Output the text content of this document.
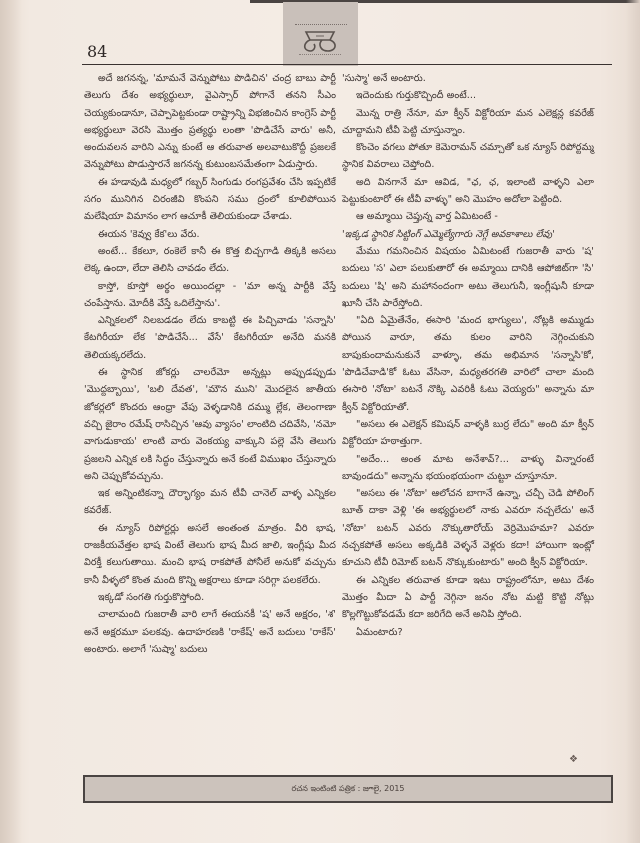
84

అదే జగనన్న, 'మామనే వెన్నుపోటు పొడిచిన' చంద్ర బాబు పార్టీ తెలుగు దేశం అభ్యర్థులూ, వైఎస్సార్ పోగానే తనని సీఎం చెయ్యకుండానూ, చెప్పాపెట్టకుండా రాష్ట్రాన్ని విభజించిన కాంగ్రెస్ పార్టీ అభ్యర్థులూ వెరసి మొత్తం ప్రత్యర్థు లంతా 'పొడిచేసే వారు' అనీ, అందువలన వారిని ఎన్ను కుంటే ఆ తరువాత అలవాటుకొద్దీ ప్రజలకే వెన్నుపోటు పొడుస్తారనే జగనన్న కుటుంబసమేతంగా ఏడుస్తారు.

ఈ హడావుడి మధ్యలో గబ్బర్ సింగుడు రంగప్రవేశం చేసి ఇప్పటికే సగం మునిగిన చిరంజీవి కొంపని సము ద్రంలో కూలిపోయిన మలేషియా విమానం లాగ ఆచూకీ తెలియకుండా చేశాడు.

ఈయన 'కెవ్వు కేక'లు వేరు.

అంటే... కేకలూ, రంకెలే కానీ ఈ కొత్త బిచ్చగాడి తిక్కకి అసలు లెక్క ఉందా, లేదా తెలిసి చావడం లేదు.

కాస్తో, కూస్తో అర్థం అయిందల్లా - 'మా అన్న పార్టీకి వేస్తే చంపేస్తాను. మోదీకి వేస్తే ఒదిలేస్తాను'.

ఎన్నికలలో నిలబడడం లేదు కాబట్టి ఈ పిచ్చివాడు 'సన్నాసి' కేటగిరీయా లేక 'పొడిచేసే... వేసే' కేటగిరీయా అనేది మనకి తెలియక్కరలేదు.

ఈ స్థానిక జోకర్లు చాలరేమో అన్నట్లు అప్పుడప్పుడు 'మొద్దబ్బాయి', 'బలి దేవత', 'మౌన ముని' మొదలైన జాతీయ జోకర్లలో కొందరు ఆంధ్రా వేపు వెళ్ళడానికి దమ్ము ల్లేక, తెలంగాణా వచ్చి జైరాం రమేష్ రాసిచ్చిన 'ఆవు వ్యాసం' లాంటిది చదివేసి, 'నమో వాగుడుకాయ' లాంటి వారు వెంకయ్య వాక్కుని పల్లె వేసి తెలుగు ప్రజలని ఎన్నిక లకి సిద్ధం చేస్తున్నారు అనే కంటే విముఖం చేస్తున్నారు అని చెప్పుకోవచ్చును.

ఇక అన్నింటికన్నా దౌర్భాగ్యం మన టీవీ చానెల్ వాళ్ళ ఎన్నికల కవరేజ్.

ఈ న్యూస్ రిపోర్టర్లు అసలే అంతంత మాత్రం. వీరి భాష, రాజకీయవేత్తల భాష వింటే తెలుగు భాష మీద జాలి, ఇంగ్లీషు మీద విరక్తీ కలుగుతాయి. మంచి భాష రాకపోతే పోనీలే అనుకో వచ్చును కానీ వీళ్ళలో కొంత మంది కొన్ని అక్షరాలు కూడా సరిగ్గా పలకలేరు.

ఇక్కడో సంగతి గుర్తుకొస్తోంది.

చాలామంది గుజరాతీ వారి లాగే ఈయనకీ 'ష' అనే అక్షరం, 'శ' అనే అక్షరమూ పలకవు. ఉదాహరణకి 'రాకేష్' అనే బదులు 'రాకేస్' అంటారు. అలాగే 'సుష్మా' బదులు

'సుస్మా' అనే అంటారు.

ఇదెందుకు గుర్తుకొచ్చిందీ అంటే...

మొన్న రాత్రి నేనూ, మా క్వీన్ విక్టోరియా మన ఎలెక్షన్ల కవరేజ్ చూద్దామని టీవీ పెట్టి చూస్తున్నాం.

కొంచెం వగలు పోతూ కెమెరామన్ చమ్చాతో ఒక న్యూస్ రిపోర్టమ్మ స్థానిక వివరాలు చెప్తోంది.

అది వినగానే మా ఆవిడ, "ఛ, ఛ, ఇలాంటి వాళ్ళని ఎలా పెట్టుకుంటారో ఈ టీవీ వాళ్ళు" అని మొహం అదోలా పెట్టింది.

ఆ అమ్మాయి చెప్తున్న వార్త ఏమిటంటే -

'ఇక్కడ స్థానిక సిట్టింగ్ ఎమ్మెల్యేగారు నెగ్గే అవకాశాలు లేవు'

మేము గమనించిన విషయం ఏమిటంటే గుజరాతీ వారు 'ష' బదులు 'స' ఎలా పలుకుతారో ఈ అమ్మాయి దానికి ఆపోజిట్‌గా 'సి' బదులు 'షి' అని మహానందంగా అటు తెలుగునీ, ఇంగ్లీషునీ కూడా ఖూనీ చేసి పారేస్తోంది.

"ఏది ఏమైతేనేం, ఈసారి 'మంద భాగ్యులు', నోట్లకి అమ్ముడు పోయిన వారూ, తమ కులం వారిని నెగ్గించుకుని బాపుకుందామనుకునే వాళ్ళూ, తమ అభిమాన 'సన్నాసి'కో, 'పొడిచేవాడి'కో ఓటు వేసినా, మధ్యతరగతి వారిలో చాలా మంది ఈసారి 'నోటా' బటనే నొక్కి ఎవరికీ ఓటు వెయ్యరు" అన్నాను మా క్వీన్ విక్టోరియాతో.

"అసలు ఈ ఎలెక్షన్ కమిషన్ వాళ్ళకి బుర్ర లేదు" అంది మా క్వీన్ విక్టోరియా హఠాత్తుగా.

"అదేం... అంత మాట అనేశావ్?... వాళ్ళు విన్నారంటే బావుండదు" అన్నాను భయంభయంగా చుట్టూ చూస్తూనూ.

"అసలు ఈ 'నోటా' ఆలోచన బాగానే ఉన్నా, చచ్చీ చెడి పోలింగ్ బూత్ దాకా వెళ్లి 'ఈ అభ్యర్థులలో నాకు ఎవరూ నచ్చలేదు' అనే 'నోటా' బటన్ ఎవరు నొక్కుతారోయ్ వెర్రిమొహమా? ఎవరూ నచ్చకపోతే అసలు అక్కడికి వెళ్ళనే వెళ్లరు కదా! హాయిగా ఇంట్లో కూచుని టీవీ రిమోట్ బటన్ నొక్కుకుంటారు" అంది క్వీన్ విక్టోరియా.

ఈ ఎన్నికల తరువాత కూడా ఇటు రాష్ట్రంలోనూ, అటు దేశం మొత్తం మీదా ఏ పార్టీ నెగ్గినా జనం నోట మట్టి కొట్టి నోట్లు కొల్లగొట్టుకోవడమే కదా జరిగేది అనే అనిపి స్తోంది.

ఏమంటారు?

❖
రచన ఇంటింటి పత్రిక : జూలై, 2015
